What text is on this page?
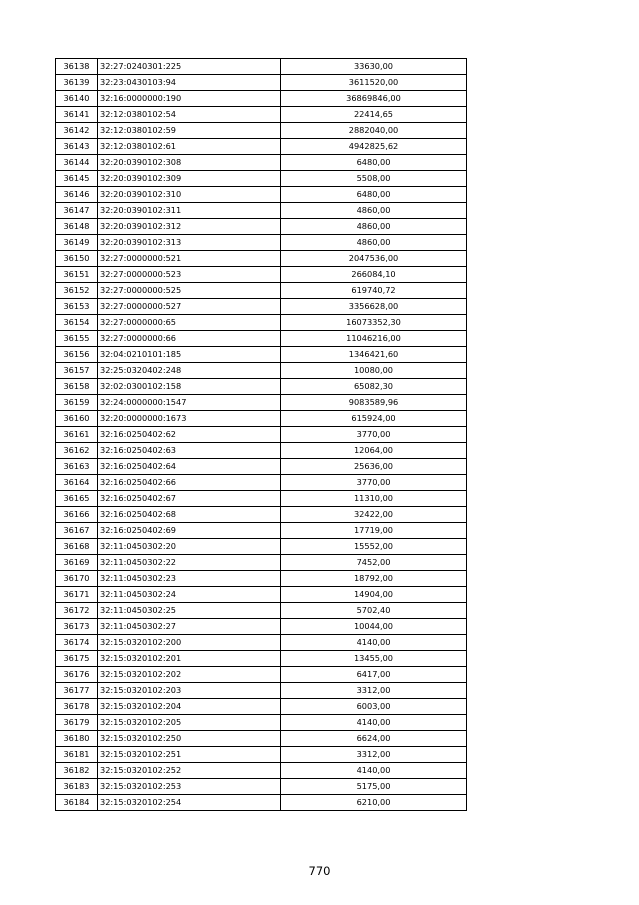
36138	32:27:0240301:225	33630,00
36139	32:23:0430103:94	3611520,00
36140	32:16:0000000:190	36869846,00
36141	32:12:0380102:54	22414,65
36142	32:12:0380102:59	2882040,00
36143	32:12:0380102:61	4942825,62
36144	32:20:0390102:308	6480,00
36145	32:20:0390102:309	5508,00
36146	32:20:0390102:310	6480,00
36147	32:20:0390102:311	4860,00
36148	32:20:0390102:312	4860,00
36149	32:20:0390102:313	4860,00
36150	32:27:0000000:521	2047536,00
36151	32:27:0000000:523	266084,10
36152	32:27:0000000:525	619740,72
36153	32:27:0000000:527	3356628,00
36154	32:27:0000000:65	16073352,30
36155	32:27:0000000:66	11046216,00
36156	32:04:0210101:185	1346421,60
36157	32:25:0320402:248	10080,00
36158	32:02:0300102:158	65082,30
36159	32:24:0000000:1547	9083589,96
36160	32:20:0000000:1673	615924,00
36161	32:16:0250402:62	3770,00
36162	32:16:0250402:63	12064,00
36163	32:16:0250402:64	25636,00
36164	32:16:0250402:66	3770,00
36165	32:16:0250402:67	11310,00
36166	32:16:0250402:68	32422,00
36167	32:16:0250402:69	17719,00
36168	32:11:0450302:20	15552,00
36169	32:11:0450302:22	7452,00
36170	32:11:0450302:23	18792,00
36171	32:11:0450302:24	14904,00
36172	32:11:0450302:25	5702,40
36173	32:11:0450302:27	10044,00
36174	32:15:0320102:200	4140,00
36175	32:15:0320102:201	13455,00
36176	32:15:0320102:202	6417,00
36177	32:15:0320102:203	3312,00
36178	32:15:0320102:204	6003,00
36179	32:15:0320102:205	4140,00
36180	32:15:0320102:250	6624,00
36181	32:15:0320102:251	3312,00
36182	32:15:0320102:252	4140,00
36183	32:15:0320102:253	5175,00
36184	32:15:0320102:254	6210,00
770
